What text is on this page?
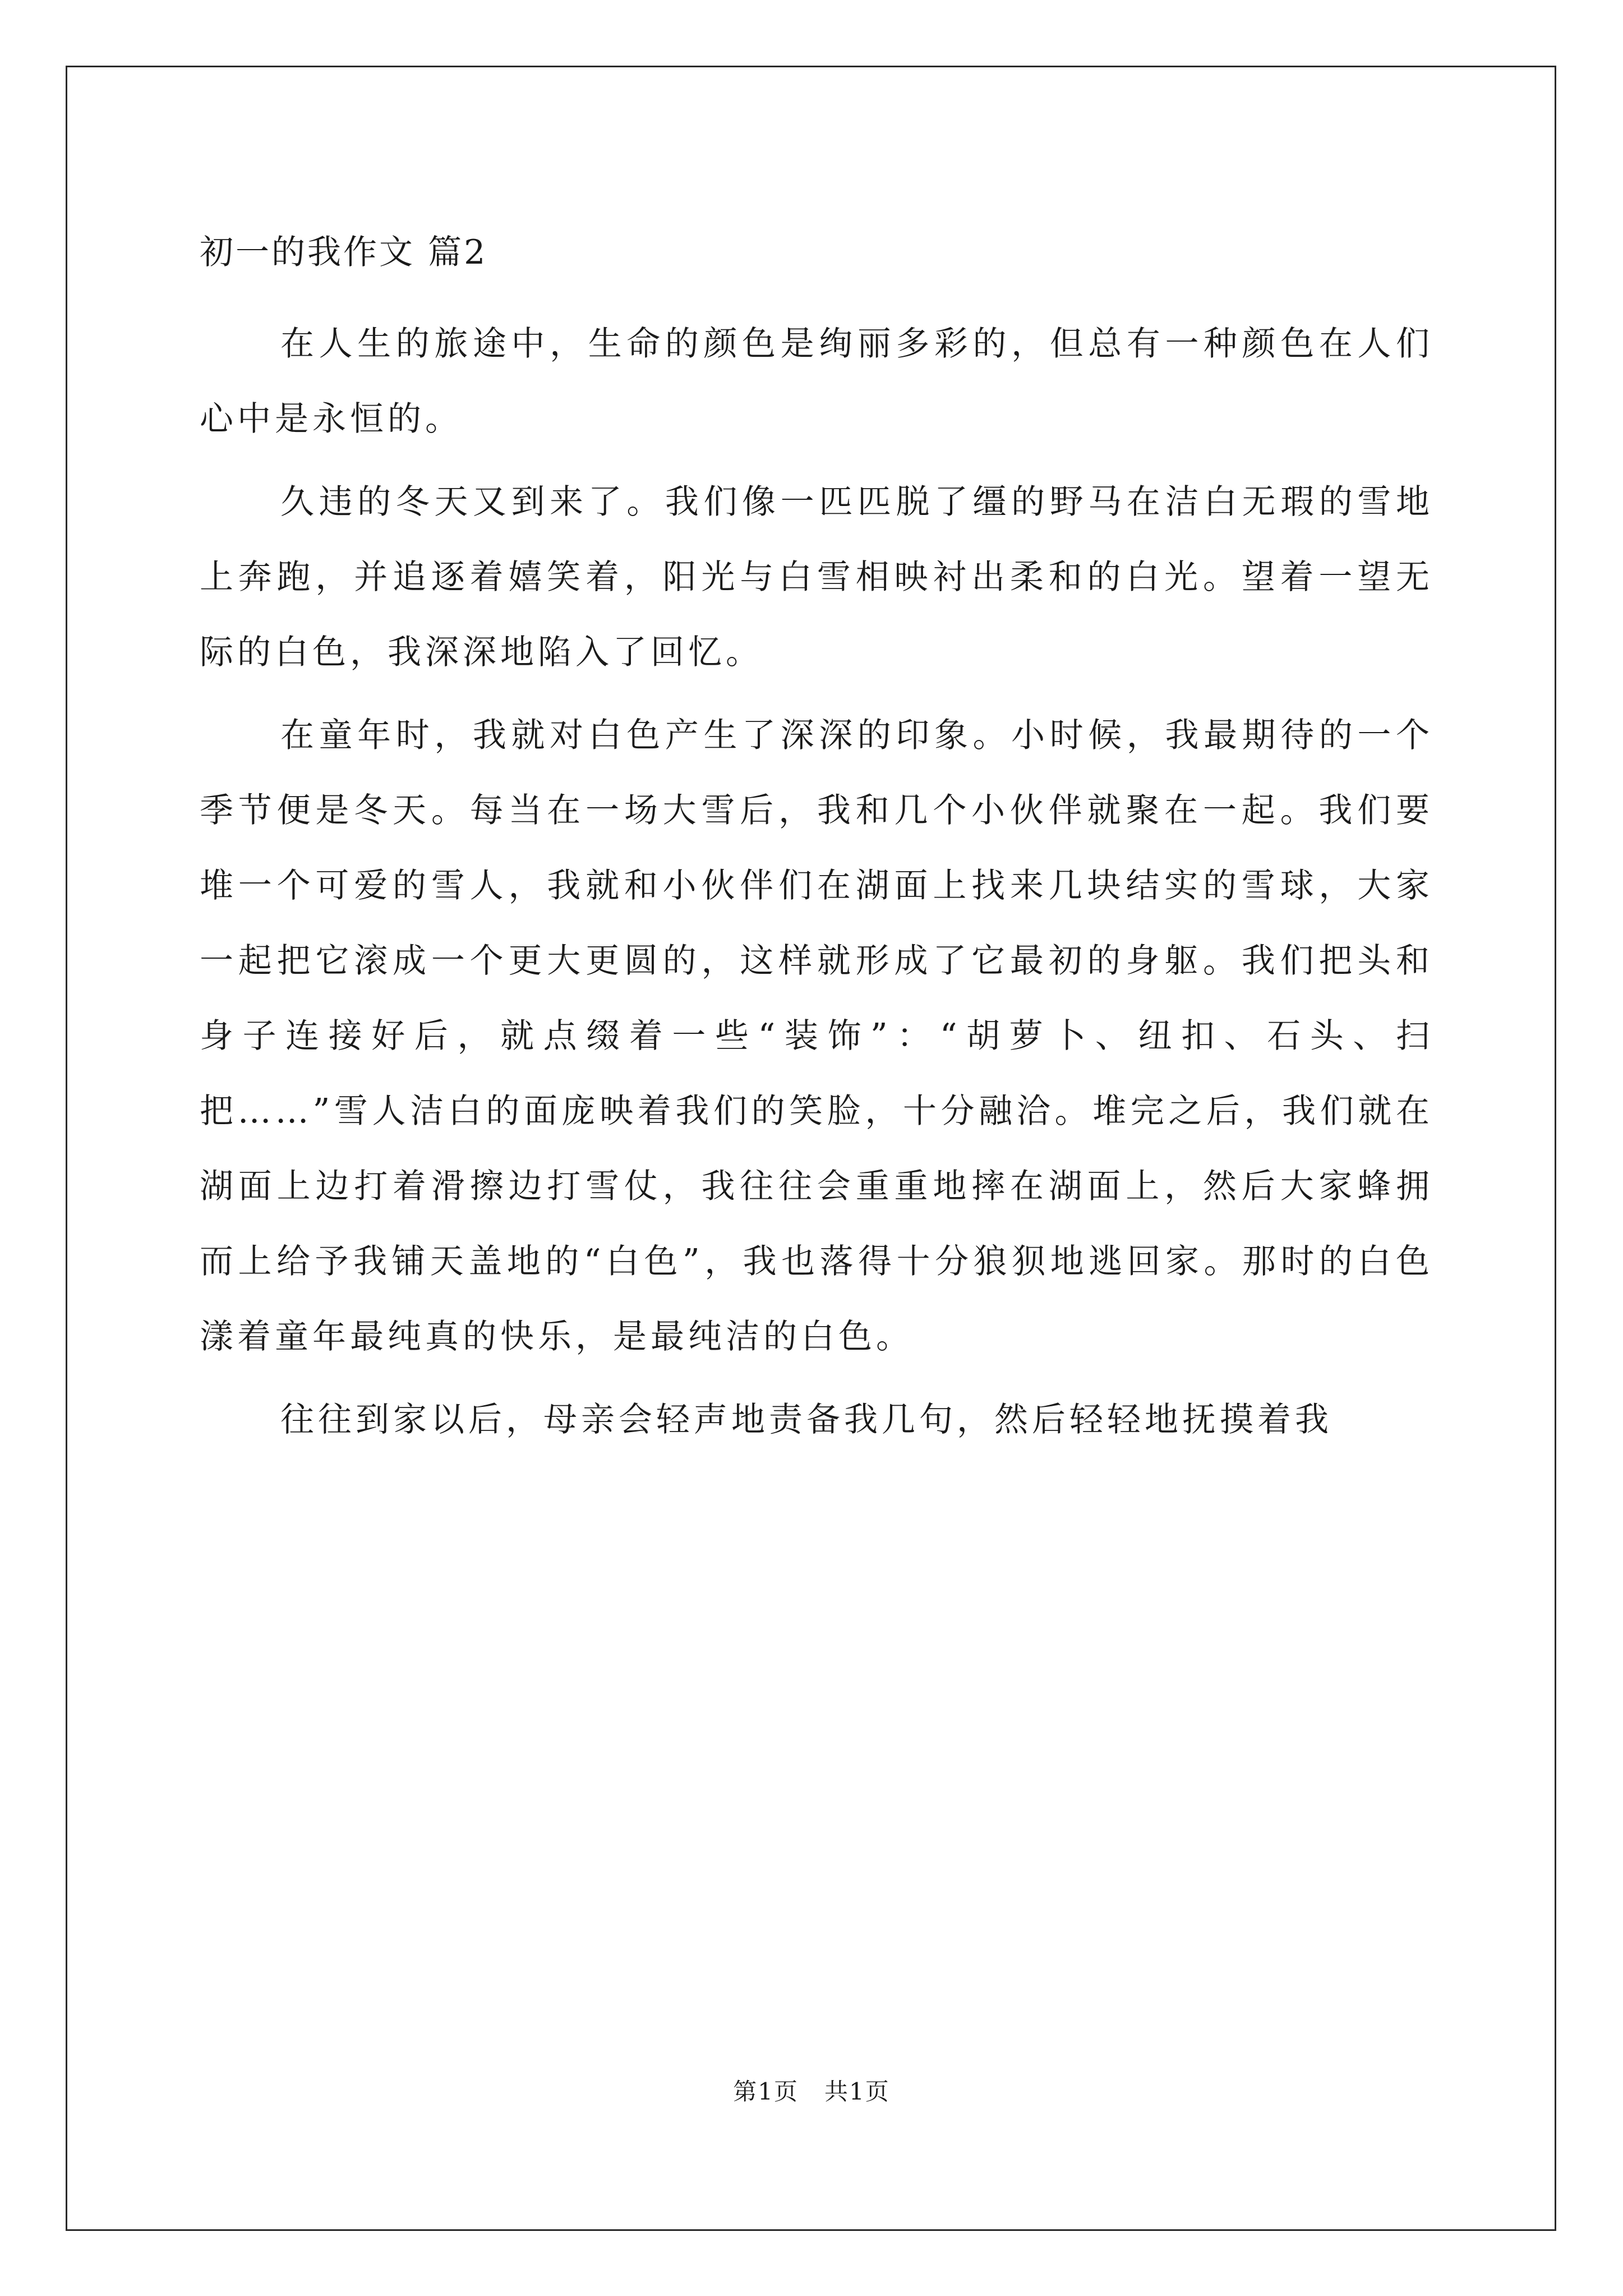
初一的我作文 篇2

在人生的旅途中，生命的颜色是绚丽多彩的，但总有一种颜色在人们心中是永恒的。

久违的冬天又到来了。我们像一匹匹脱了缰的野马在洁白无瑕的雪地上奔跑，并追逐着嬉笑着，阳光与白雪相映衬出柔和的白光。望着一望无际的白色，我深深地陷入了回忆。

在童年时，我就对白色产生了深深的印象。小时候，我最期待的一个季节便是冬天。每当在一场大雪后，我和几个小伙伴就聚在一起。我们要堆一个可爱的雪人，我就和小伙伴们在湖面上找来几块结实的雪球，大家一起把它滚成一个更大更圆的，这样就形成了它最初的身躯。我们把头和身子连接好后，就点缀着一些“装饰”：“胡萝卜、纽扣、石头、扫把……”雪人洁白的面庞映着我们的笑脸，十分融洽。堆完之后，我们就在湖面上边打着滑擦边打雪仗，我往往会重重地摔在湖面上，然后大家蜂拥而上给予我铺天盖地的“白色”，我也落得十分狼狈地逃回家。那时的白色漾着童年最纯真的快乐，是最纯洁的白色。

往往到家以后，母亲会轻声地责备我几句，然后轻轻地抚摸着我

第1页   共1页
